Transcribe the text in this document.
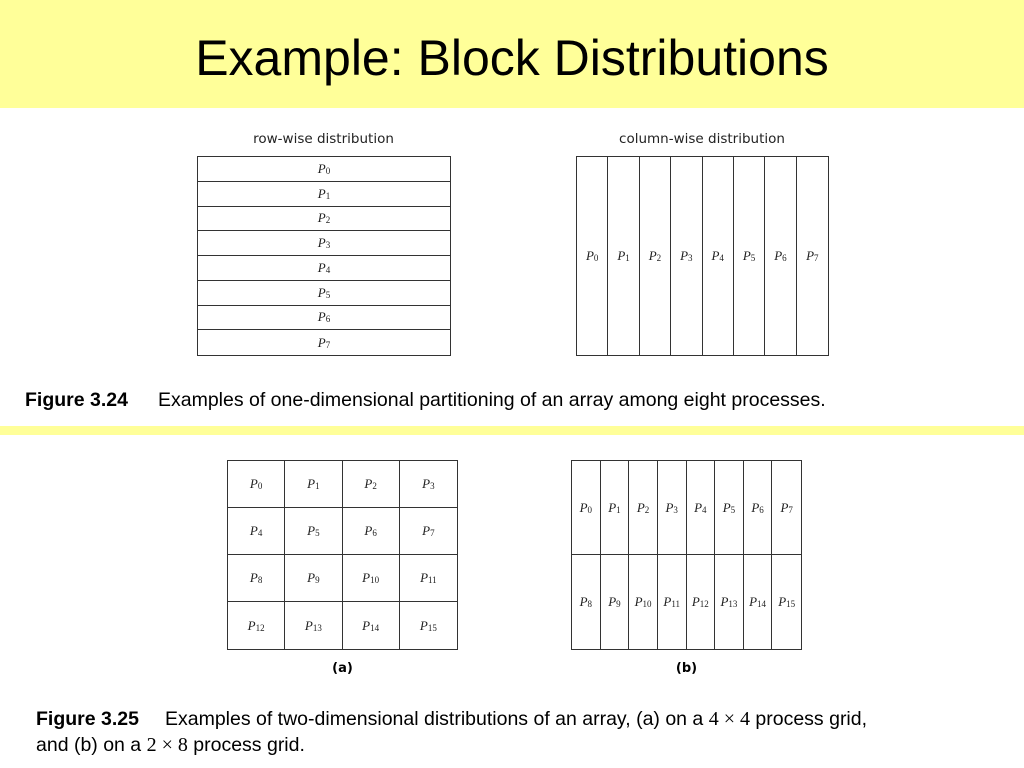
Example: Block Distributions
row-wise distribution	column-wise distribution
$P_0$
$P_1$
$P_2$
$P_3$
$P_4$
$P_5$
$P_6$
$P_7$
$P_0$ $P_1$ $P_2$ $P_3$ $P_4$ $P_5$ $P_6$ $P_7$
Figure 3.24 Examples of one-dimensional partitioning of an array among eight processes.
$P_0$	$P_1$	$P_2$	$P_3$
$P_4$	$P_5$	$P_6$	$P_7$
$P_8$	$P_9$	$P_{10}$	$P_{11}$
$P_{12}$	$P_{13}$	$P_{14}$	$P_{15}$
$P_0$ $P_1$ $P_2$ $P_3$ $P_4$ $P_5$ $P_6$ $P_7$
$P_8$ $P_9$ $P_{10}$ $P_{11}$ $P_{12}$ $P_{13}$ $P_{14}$ $P_{15}$
(a)	(b)
Figure 3.25 Examples of two-dimensional distributions of an array, (a) on a 4 × 4 process grid,
and (b) on a 2 × 8 process grid.
